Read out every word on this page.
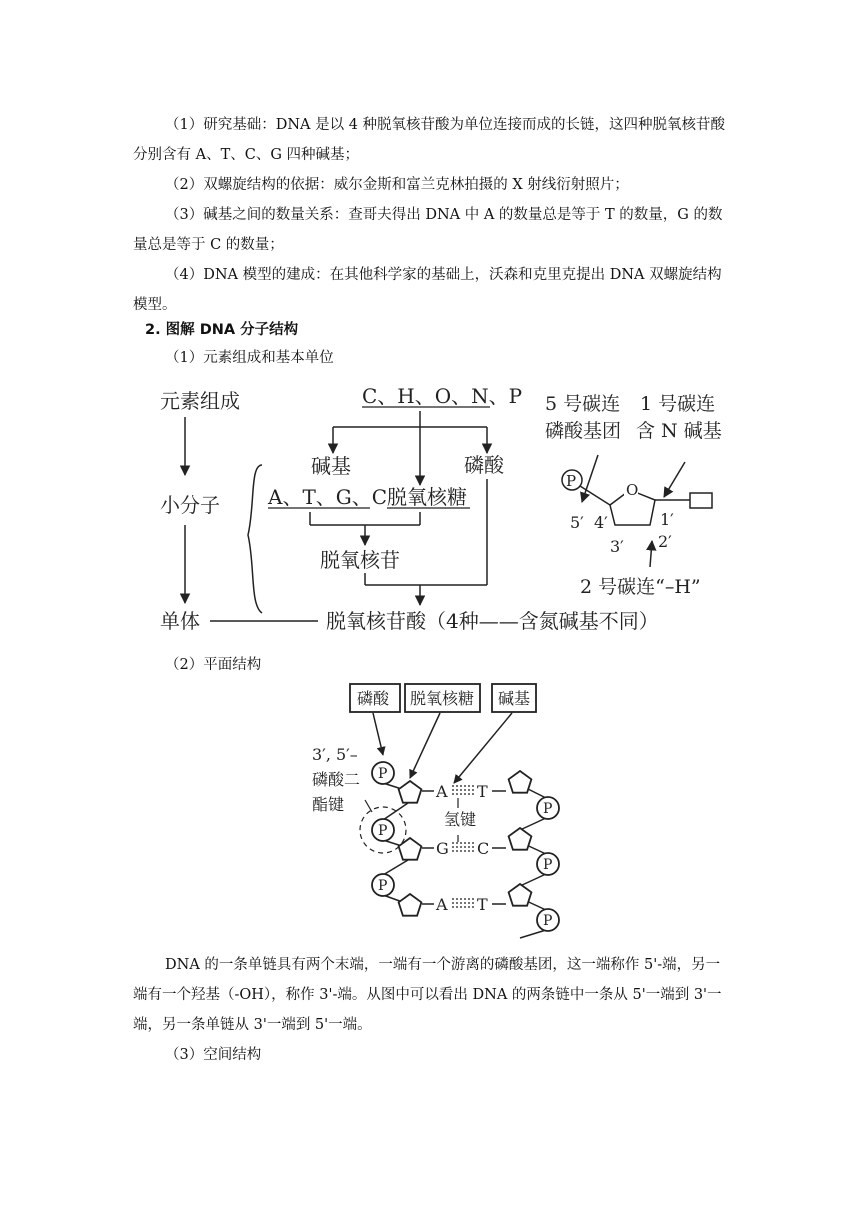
（1）研究基础：DNA 是以 4 种脱氧核苷酸为单位连接而成的长链，这四种脱氧核苷酸分别含有 A、T、C、G 四种碱基；

（2）双螺旋结构的依据：威尔金斯和富兰克林拍摄的 X 射线衍射照片；

（3）碱基之间的数量关系：查哥夫得出 DNA 中 A 的数量总是等于 T 的数量，G 的数量总是等于 C 的数量；

（4）DNA 模型的建成：在其他科学家的基础上，沃森和克里克提出 DNA 双螺旋结构模型。

2. 图解 DNA 分子结构
（1）元素组成和基本单位
元素组成	C、H、O、N、P
小分子
单体
碱基	磷酸
A、T、G、C 脱氧核糖
脱氧核苷
脱氧核苷酸（4种——含氮碱基不同）
5 号碳连
磷酸基团
1 号碳连
含 N 碱基
2 号碳连“–H”
P	O
5′ 4′
3′ 2′
1′
（2）平面结构
磷酸 脱氧核糖 碱基
3′, 5′–
磷酸二
酯键
氢键
A T
G C
A T
P
P
P
P
P
P

DNA 的一条单链具有两个末端，一端有一个游离的磷酸基团，这一端称作 5'-端，另一端有一个羟基（-OH），称作 3'-端。从图中可以看出 DNA 的两条链中一条从 5'一端到 3'一端，另一条单链从 3'一端到 5'一端。

（3）空间结构
